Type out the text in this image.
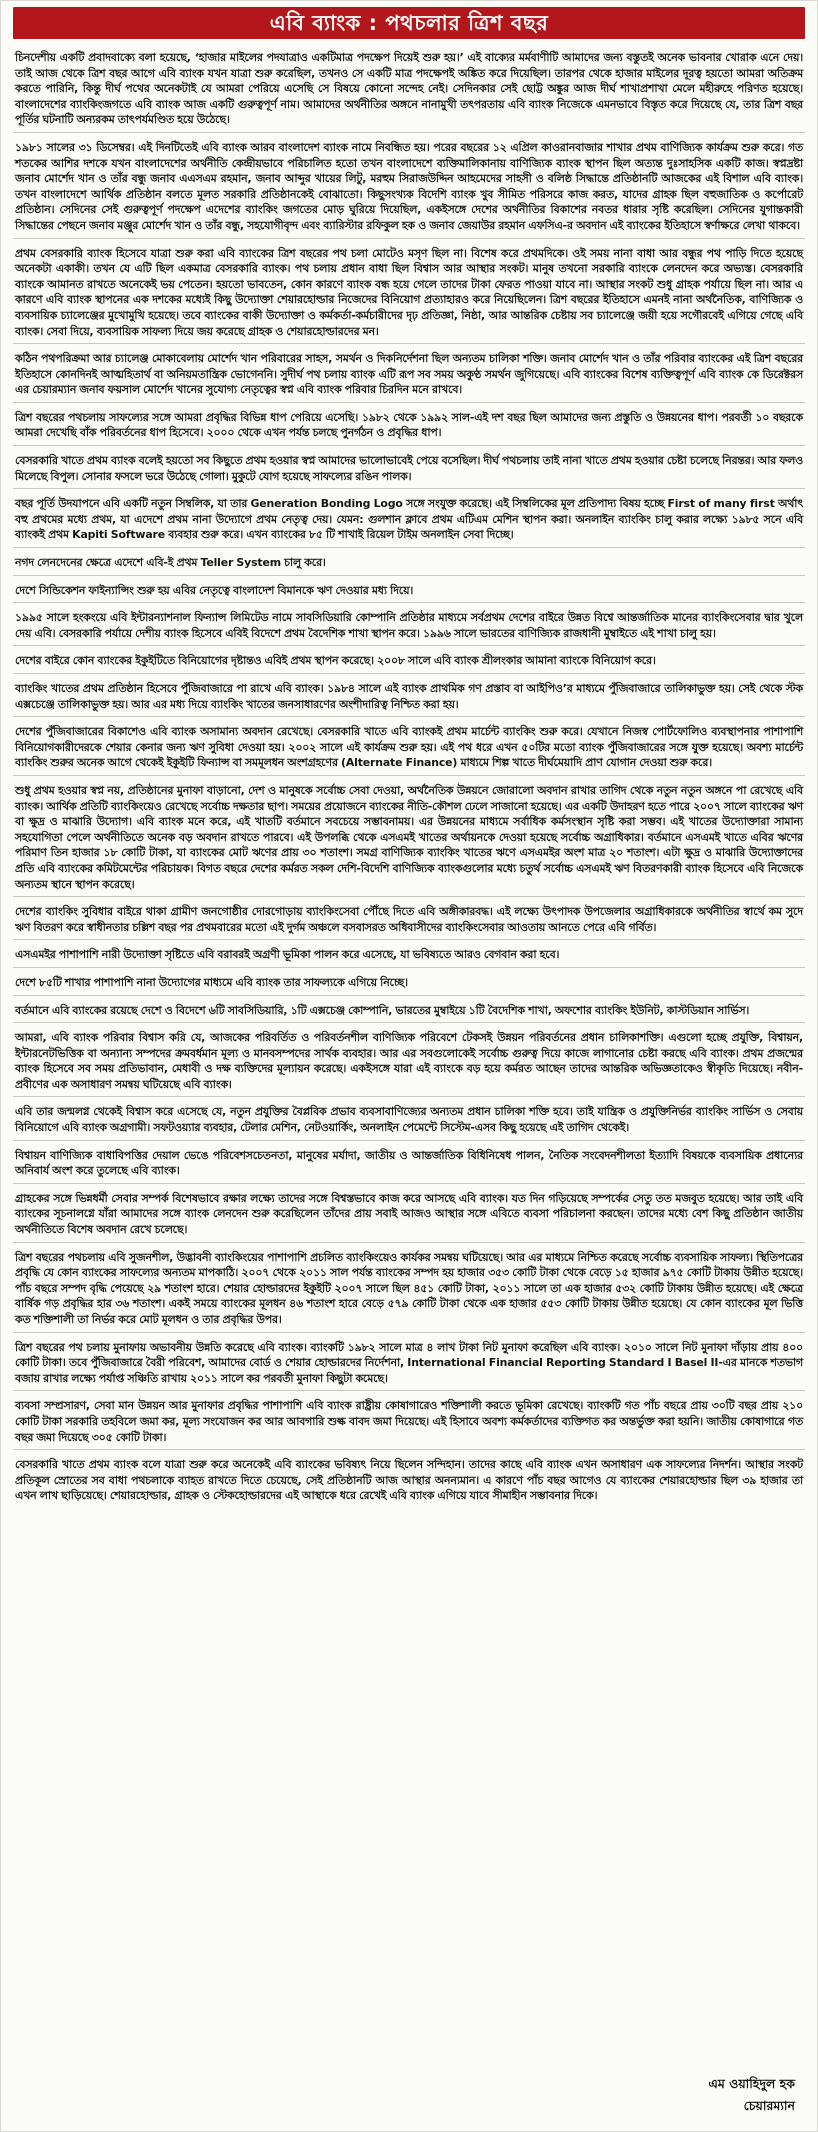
এবি ব্যাংক : পথচলার ত্রিশ বছর

চিনদেশীয় একটি প্রবাদবাক্যে বলা হয়েছে, ‘হাজার মাইলের পদযাত্রাও একটিমাত্র পদক্ষেপ দিয়েই শুরু হয়।’ এই বাক্যের মর্মবাণীটি আমাদের জন্য বস্তুতই অনেক ভাবনার খোরাক এনে দেয়। তাই আজ থেকে ত্রিশ বছর আগে এবি ব্যাংক যখন যাত্রা শুরু করেছিল, তখনও সে একটি মাত্র পদক্ষেপই অঙ্কিত করে দিয়েছিল। তারপর থেকে হাজার মাইলের দূরত্ব হয়তো আমরা অতিক্রম করতে পারিনি, কিন্তু দীর্ঘ পথের অনেকটাই যে আমরা পেরিয়ে এসেছি সে বিষয়ে কোনো সন্দেহ নেই। সেদিনকার সেই ছোট্ট অঙ্কুর আজ দীর্ঘ শাখাপ্রশাখা মেলে মহীরুহে পরিণত হয়েছে। বাংলাদেশের ব্যাংকিংজগতে এবি ব্যাংক আজ একটি গুরুত্বপূর্ণ নাম। আমাদের অর্থনীতির অঙ্গনে নানামুখী তৎপরতায় এবি ব্যাংক নিজেকে এমনভাবে বিস্তৃত করে দিয়েছে যে, তার ত্রিশ বছর পূর্তির ঘটনাটি অন্যরকম তাৎপর্যমণ্ডিত হয়ে উঠেছে।

১৯৮১ সালের ৩১ ডিসেম্বর। এই দিনটিতেই এবি ব্যাংক আরব বাংলাদেশ ব্যাংক নামে নিবন্ধিত হয়। পরের বছরের ১২ এপ্রিল কাওরানবাজার শাখার প্রথম বাণিজ্যিক কার্যক্রম শুরু করে। গত শতকের আশির দশকে যখন বাংলাদেশের অর্থনীতি কেন্দ্রীয়ভাবে পরিচালিত হতো তখন বাংলাদেশে ব্যক্তিমালিকানায় বাণিজ্যিক ব্যাংক স্থাপন ছিল অত্যন্ত দুঃসাহসিক একটি কাজ। স্বপ্নদ্রষ্টা জনাব মোর্শেদ খান ও তাঁর বন্ধু জনাব এএসএম রহমান, জনাব আব্দুর খায়ের লিটু, মরহুম সিরাজউদ্দিন আহমেদের সাহসী ও বলিষ্ঠ সিদ্ধান্তে প্রতিষ্ঠানটি আজকের এই বিশাল এবি ব্যাংক। তখন বাংলাদেশে আর্থিক প্রতিষ্ঠান বলতে মূলত সরকারি প্রতিষ্ঠানকেই বোঝাতো। কিছুসংখ্যক বিদেশি ব্যাংক খুব সীমিত পরিসরে কাজ করত, যাদের গ্রাহক ছিল বহুজাতিক ও কর্পোরেট প্রতিষ্ঠান। সেদিনের সেই গুরুত্বপূর্ণ পদক্ষেপ এদেশের ব্যাংকিং জগতের মোড় ঘুরিয়ে দিয়েছিল, একইসঙ্গে দেশের অর্থনীতির বিকাশের নবতর ধারার সৃষ্টি করেছিল। সেদিনের যুগান্তকারী সিদ্ধান্তের পেছনে জনাব মঞ্জুর মোর্শেদ খান ও তাঁর বন্ধু, সহযোগীবৃন্দ এবং ব্যারিস্টার রফিকুল হক ও জনাব জেয়াউর রহমান এফসিএ-র অবদান এই ব্যাংকের ইতিহাসে স্বর্ণাক্ষরে লেখা থাকবে।

প্রথম বেসরকারি ব্যাংক হিসেবে যাত্রা শুরু করা এবি ব্যাংকের ত্রিশ বছরের পথ চলা মোটেও মসৃণ ছিল না। বিশেষ করে প্রথমদিকে। ওই সময় নানা বাধা আর বন্ধুর পথ পাড়ি দিতে হয়েছে অনেকটা একাকী। তখন যে এটি ছিল একমাত্র বেসরকারি ব্যাংক। পথ চলায় প্রধান বাধা ছিল বিশ্বাস আর আস্থার সংকট। মানুষ তখনো সরকারি ব্যাংকে লেনদেন করে অভ্যস্ত। বেসরকারি ব্যাংকে আমানত রাখতে অনেকেই ভয় পেতেন। হয়তো ভাবতেন, কোন কারণে ব্যাংক বন্ধ হয়ে গেলে তাদের টাকা ফেরত পাওয়া যাবে না। আস্থার সংকট শুধু গ্রাহক পর্যায়ে ছিল না। আর এ কারণে এবি ব্যাংক স্থাপনের এক দশকের মধ্যেই কিছু উদ্যোক্তা শেয়ারহোল্ডার নিজেদের বিনিয়োগ প্রত্যাহারও করে নিয়েছিলেন। ত্রিশ বছরের ইতিহাসে এমনই নানা অর্থনৈতিক, বাণিজ্যিক ও ব্যবসায়িক চ্যালেঞ্জের মুখোমুখি হয়েছে। তবে ব্যাংকের বাকী উদ্যোক্তা ও কর্মকর্তা-কর্মচারীদের দৃঢ় প্রতিজ্ঞা, নিষ্ঠা, আর আন্তরিক চেষ্টায় সব চ্যালেঞ্জে জয়ী হয়ে সগৌরবেই এগিয়ে গেছে এবি ব্যাংক। সেবা দিয়ে, ব্যবসায়িক সাফল্য দিয়ে জয় করেছে গ্রাহক ও শেয়ারহোল্ডারদের মন।

কঠিন পথপরিক্রমা আর চ্যালেঞ্জ মোকাবেলায় মোর্শেদ খান পরিবারের সাহস, সমর্থন ও দিকনির্দেশনা ছিল অন্যতম চালিকা শক্তি। জনাব মোর্শেদ খান ও তাঁর পরিবার ব্যাংকের এই ত্রিশ বছরের ইতিহাসে কোনদিনই আত্মহিতার্থ বা অনিয়মতান্ত্রিক ভোগেননি। সুদীর্ঘ পথ চলায় ব্যাংক এটি রূপ সব সময় অকুণ্ঠ সমর্থন জুগিয়েছে। এবি ব্যাংকের বিশেষ ব্যক্তিত্বপূর্ণ এবি ব্যাংক কে ডিরেক্টরস এর চেয়ারম্যান জনাব ফয়সাল মোর্শেদ খানের সুযোগ্য নেতৃত্বের স্বপ্ন এবি ব্যাংক পরিবার চিরদিন মনে রাখবে।

ত্রিশ বছরের পথচলায় সাফল্যের সঙ্গে আমরা প্রবৃদ্ধির বিভিন্ন ধাপ পেরিয়ে এসেছি। ১৯৮২ থেকে ১৯৯২ সাল-এই দশ বছর ছিল আমাদের জন্য প্রস্তুতি ও উন্নয়নের ধাপ। পরবর্তী ১০ বছরকে আমরা দেখেছি বাঁক পরিবর্তনের ধাপ হিসেবে। ২০০০ থেকে এখন পর্যন্ত চলছে পুনর্গঠন ও প্রবৃদ্ধির ধাপ।

বেসরকারি খাতে প্রথম ব্যাংক বলেই হয়তো সব কিছুতে প্রথম হওয়ার স্বপ্ন আমাদের ভালোভাবেই পেয়ে বসেছিল। দীর্ঘ পথচলায় তাই নানা খাতে প্রথম হওয়ার চেষ্টা চলেছে নিরন্তর। আর ফলও মিলেছে বিপুল। সোনার ফসলে ভরে উঠেছে গোলা। মুকুটে যোগ হয়েছে সাফল্যের রঙিন পালক।

বছর পূর্তি উদযাপনে এবি একটি নতুন সিম্বলিক, যা তার Generation Bonding Logo সঙ্গে সংযুক্ত করেছে। এই সিম্বলিকের মূল প্রতিপাদ্য বিষয় হচ্ছে First of many first অর্থাৎ বহু প্রথমের মধ্যে প্রথম, যা এদেশে প্রথম নানা উদ্যোগে প্রথম নেতৃত্ব দেয়। যেমন: গুলশান ক্লাবে প্রথম এটিএম মেশিন স্থাপন করা। অনলাইন ব্যাংকিং চালু করার লক্ষ্যে ১৯৮৫ সনে এবি ব্যাংকই প্রথম Kapiti Software ব্যবহার শুরু করে। এখন ব্যাংকের ৮৫ টি শাখাই রিয়েল টাইম অনলাইন সেবা দিচ্ছে।

নগদ লেনদেনের ক্ষেত্রে এদেশে এবি-ই প্রথম Teller System চালু করে।

দেশে সিন্ডিকেশন ফাইন্যান্সিং শুরু হয় এবির নেতৃত্বে বাংলাদেশ বিমানকে ঋণ দেওয়ার মধ্য দিয়ে।

১৯৯৫ সালে হংকংয়ে এবি ইন্টারন্যাশনাল ফিন্যান্স লিমিটেড নামে সাবসিডিয়ারি কোম্পানি প্রতিষ্ঠার মাধ্যমে সর্বপ্রথম দেশের বাইরে উন্নত বিশ্বে আন্তর্জাতিক মানের ব্যাংকিংসেবার দ্বার খুলে দেয় এবি। বেসরকারি পর্যায়ে দেশীয় ব্যাংক হিসেবে এবিই বিদেশে প্রথম বৈদেশিক শাখা স্থাপন করে। ১৯৯৬ সালে ভারতের বাণিজ্যিক রাজধানী মুম্বাইতে এই শাখা চালু হয়।

দেশের বাইরে কোন ব্যাংকের ইকুইটিতে বিনিয়োগের দৃষ্টান্তও এবিই প্রথম স্থাপন করেছে। ২০০৮ সালে এবি ব্যাংক শ্রীলংকার আমানা ব্যাংকে বিনিয়োগ করে।

ব্যাংকিং খাতের প্রথম প্রতিষ্ঠান হিসেবে পুঁজিবাজারে পা রাখে এবি ব্যাংক। ১৯৮৪ সালে এই ব্যাংক প্রাথমিক গণ প্রস্তাব বা আইপিও’র মাধ্যমে পুঁজিবাজারে তালিকাভুক্ত হয়। সেই থেকে স্টক এক্সচেঞ্জে তালিকাভুক্ত হয়। আর এর মধ্য দিয়ে ব্যাংকিং খাতের জনসাধারণের অংশীদারিত্ব নিশ্চিত করা হয়।

দেশের পুঁজিবাজারের বিকাশেও এবি ব্যাংক অসামান্য অবদান রেখেছে। বেসরকারি খাতে এবি ব্যাংকই প্রথম মার্চেন্ট ব্যাংকিং শুরু করে। যেখানে নিজস্ব পোর্টফোলিও ব্যবস্থাপনার পাশাপাশি বিনিয়োগকারীদেরকে শেয়ার কেনার জন্য ঋণ সুবিধা দেওয়া হয়। ২০০২ সালে এই কার্যক্রম শুরু হয়। এই পথ ধরে এখন ৫০টির মতো ব্যাংক পুঁজিবাজারের সঙ্গে যুক্ত হয়েছে। অবশ্য মার্চেন্ট ব্যাংকিং শুরুর অনেক আগে থেকেই ইকুইটি ফিন্যান্স বা সমমূলধন অংশগ্রহণের (Alternate Finance) মাধ্যমে শিল্প খাতে দীর্ঘমেয়াদি প্রাণ যোগান দেওয়া শুরু করে।

শুধু প্রথম হওয়ার স্বপ্ন নয়, প্রতিষ্ঠানের মুনাফা বাড়ানো, দেশ ও মানুষকে সর্বোচ্চ সেবা দেওয়া, অর্থনৈতিক উন্নয়নে জোরালো অবদান রাখার তাগিদ থেকে নতুন নতুন অঙ্গনে পা রেখেছে এবি ব্যাংক। আর্থিক প্রতিটি ব্যাংকিংয়েও রেখেছে সর্বোচ্চ দক্ষতার ছাপ। সময়ের প্রয়োজনে ব্যাংকের নীতি-কৌশল ঢেলে সাজানো হয়েছে। এর একটি উদাহরণ হতে পারে ২০০৭ সালে ব্যাংকের ঋণ বা ক্ষুদ্র ও মাঝারি উদ্যোগ। এবি ব্যাংক মনে করে, এই খাতটি বর্তমানে সবচেয়ে সম্ভাবনাময়। এর উন্নয়নের মাধ্যমে সর্বাধিক কর্মসংস্থান সৃষ্টি করা সম্ভব। এই খাতের উদ্যোক্তারা সামান্য সহযোগিতা পেলে অর্থনীতিতে অনেক বড় অবদান রাখতে পারবে। এই উপলব্ধি থেকে এসএমই খাতের অর্থায়নকে দেওয়া হয়েছে সর্বোচ্চ অগ্রাধিকার। বর্তমানে এসএমই খাতে এবির ঋণের পরিমাণ তিন হাজার ১৮ কোটি টাকা, যা ব্যাংকের মোট ঋণের প্রায় ৩০ শতাংশ। সমগ্র বাণিজ্যিক ব্যাংকিং খাতের ঋণে এসএমইর অংশ মাত্র ২০ শতাংশ। এটা ক্ষুদ্র ও মাঝারি উদ্যোক্তাদের প্রতি এবি ব্যাংকের কমিটমেন্টের পরিচায়ক। বিগত বছরে দেশের কর্মরত সকল দেশি-বিদেশি বাণিজ্যিক ব্যাংকগুলোর মধ্যে চতুর্থ সর্বোচ্চ এসএমই ঋণ বিতরণকারী ব্যাংক হিসেবে এবি নিজেকে অন্যতম স্থানে স্থাপন করেছে।

দেশের ব্যাংকিং সুবিধার বাইরে থাকা গ্রামীণ জনগোষ্ঠীর দোরগোড়ায় ব্যাংকিংসেবা পৌঁছে দিতে এবি অঙ্গীকারবদ্ধ। এই লক্ষ্যে উৎপাদক উপজেলার অগ্রাধিকারকে অর্থনীতির স্বার্থে কম সুদে ঋণ বিতরণ করে স্বাধীনতার চল্লিশ বছর পর প্রথমবারের মতো এই দুর্গম অঞ্চলে বসবাসরত অধিবাসীদের ব্যাংকিংসেবার আওতায় আনতে পেরে এবি গর্বিত।

এসএমইর পাশাপাশি নারী উদ্যোক্তা সৃষ্টিতে এবি বরাবরই অগ্রণী ভূমিকা পালন করে এসেছে, যা ভবিষ্যতে আরও বেগবান করা হবে।

দেশে ৮৫টি শাখার পাশাপাশি নানা উদ্যোগের মাধ্যমে এবি ব্যাংক তার সাফল্যকে এগিয়ে নিচ্ছে।

বর্তমানে এবি ব্যাংকের রয়েছে দেশে ও বিদেশে ৬টি সাবসিডিয়ারি, ১টি এক্সচেঞ্জ কোম্পানি, ভারতের মুম্বাইয়ে ১টি বৈদেশিক শাখা, অফশোর ব্যাংকিং ইউনিট, কাস্টডিয়ান সার্ভিস।

আমরা, এবি ব্যাংক পরিবার বিশ্বাস করি যে, আজকের পরিবর্তিত ও পরিবর্তনশীল বাণিজ্যিক পরিবেশে টেকসই উন্নয়ন পরিবর্তনের প্রধান চালিকাশক্তি। এগুলো হচ্ছে প্রযুক্তি, বিশ্বায়ন, ইন্টারনেটভিত্তিক বা অন্যান্য সম্পদের ক্রমবর্ধমান মূল্য ও মানবসম্পদের সার্থক ব্যবহার। আর এর সবগুলোকেই সর্বোচ্চ গুরুত্ব দিয়ে কাজে লাগানোর চেষ্টা করছে এবি ব্যাংক। প্রথম প্রজন্মের ব্যাংক হিসেবে সব সময় প্রতিভাবান, মেধাবী ও দক্ষ ব্যক্তিদের মূল্যায়ন করেছে। একইসঙ্গে যারা এই ব্যাংকে বড় হয়ে কর্মরত আছেন তাদের আন্তরিক অভিজ্ঞতাকেও স্বীকৃতি দিয়েছে। নবীন-প্রবীণের এক অসাধারণ সমন্বয় ঘটিয়েছে এবি ব্যাংক।

এবি তার জন্মলগ্ন থেকেই বিশ্বাস করে এসেছে যে, নতুন প্রযুক্তির বৈপ্লবিক প্রভাব ব্যবসাবাণিজ্যের অন্যতম প্রধান চালিকা শক্তি হবে। তাই যান্ত্রিক ও প্রযুক্তিনির্ভর ব্যাংকিং সার্ভিস ও সেবায় বিনিয়োগে এবি ব্যাংক অগ্রগামী। সফটওয়্যার ব্যবহার, টেলার মেশিন, নেটওয়ার্কিং, অনলাইন পেমেন্টে সিস্টেম-এসব কিছু হয়েছে এই তাগিদ থেকেই।

বিশ্বায়ন বাণিজ্যিক বাধাবিপত্তির দেয়াল ভেঙে পরিবেশসচেতনতা, মানুষের মর্যাদা, জাতীয় ও আন্তর্জাতিক বিধিনিষেধ পালন, নৈতিক সংবেদনশীলতা ইত্যাদি বিষয়কে ব্যবসায়িক প্রধান্যের অনিবার্য অংশ করে তুলেছে এবি ব্যাংক।

গ্রাহকের সঙ্গে ভিন্নধর্মী সেবার সম্পর্ক বিশেষভাবে রক্ষার লক্ষ্যে তাদের সঙ্গে বিশ্বস্তভাবে কাজ করে আসছে এবি ব্যাংক। যত দিন গড়িয়েছে সম্পর্কের সেতু তত মজবুত হয়েছে। আর তাই এবি ব্যাংকের সূচনালগ্নে যাঁরা আমাদের সঙ্গে ব্যাংক লেনদেন শুরু করেছিলেন তাঁদের প্রায় সবাই আজও আস্থার সঙ্গে এবিতে ব্যবসা পরিচালনা করছেন। তাদের মধ্যে বেশ কিছু প্রতিষ্ঠান জাতীয় অর্থনীতিতে বিশেষ অবদান রেখে চলেছে।

ত্রিশ বছরের পথচলায় এবি সুজনশীল, উদ্ভাবনী ব্যাংকিংয়ের পাশাপাশি প্রচলিত ব্যাংকিংয়েও কার্যকর সমন্বয় ঘটিয়েছে। আর এর মাধ্যমে নিশ্চিত করেছে সর্বোচ্চ ব্যবসায়িক সাফল্য। স্থিতিপত্রের প্রবৃদ্ধি যে কোন ব্যাংকের সাফল্যের অন্যতম মাপকাঠি। ২০০৭ থেকে ২০১১ সাল পর্যন্ত ব্যাংকের সম্পদ হয় হাজার ৩৫৩ কোটি টাকা থেকে বেড়ে ১৫ হাজার ৯৭৫ কোটি টাকায় উন্নীত হয়েছে। পাঁচ বছরে সম্পদ বৃদ্ধি পেয়েছে ২৯ শতাংশ হারে। শেয়ার হোল্ডারদের ইকুইটি ২০০৭ সালে ছিল ৪৫১ কোটি টাকা, ২০১১ সালে তা এক হাজার ৫৩২ কোটি টাকায় উন্নীত হয়েছে। এই ক্ষেত্রে বার্ষিক গড় প্রবৃদ্ধির হার ৩৬ শতাংশ। একই সময়ে ব্যাংকের মূলধন ৪৬ শতাংশ হারে বেড়ে ৫৭৯ কোটি টাকা থেকে এক হাজার ৫৫৩ কোটি টাকায় উন্নীত হয়েছে। যে কোন ব্যাংকের মূল ভিত্তি কত শক্তিশালী তা নির্ভর করে মোট মূলধন ও তার প্রবৃদ্ধির উপর।

ত্রিশ বছরের পথ চলায় মুনাফায় অভাবনীয় উন্নতি করেছে এবি ব্যাংক। ব্যাংকটি ১৯৮২ সালে মাত্র ৪ লাখ টাকা নিট মুনাফা করেছিল এবি ব্যাংক। ২০১০ সালে নিট মুনাফা দাঁড়ায় প্রায় ৪০০ কোটি টাকা। তবে পুঁজিবাজারে বৈরী পরিবেশ, আমাদের বোর্ড ও শেয়ার হোল্ডারদের নির্দেশনা, International Financial Reporting Standard I Basel II-এর মানকে শতভাগ বজায় রাখার লক্ষ্যে পর্যাপ্ত সঞ্চিতি রাখায় ২০১১ সালে কর পরবর্তী মুনাফা কিছুটা কমেছে।

ব্যবসা সম্প্রসারণ, সেবা মান উন্নয়ন আর মুনাফার প্রবৃদ্ধির পাশাপাশি এবি ব্যাংক রাষ্ট্রীয় কোষাগারেও শক্তিশালী করতে ভূমিকা রেখেছে। ব্যাংকটি গত পাঁচ বছরে প্রায় ৩০টি বছর প্রায় ২১০ কোটি টাকা সরকারি তহবিলে জমা কর, মূল্য সংযোজন কর আর আবগারি শুল্ক বাবদ জমা দিয়েছে। এই হিসাবে অবশ্য কর্মকর্তাদের ব্যক্তিগত কর অন্তর্ভুক্ত করা হয়নি। জাতীয় কোষাগারে গত বছর জমা দিয়েছে ৩০৫ কোটি টাকা।

বেসরকারি খাতে প্রথম ব্যাংক বলে যাত্রা শুরু করে অনেকেই এবি ব্যাংকের ভবিষ্যৎ নিয়ে ছিলেন সন্দিহান। তাদের কাছে এবি ব্যাংক এখন অসাধারণ এক সাফল্যের নিদর্শন। আস্থার সংকট প্রতিকূল স্রোতের সব বাধা পথচলাকে ব্যাহত রাখতে দিতে চেয়েছে, সেই প্রতিষ্ঠানটি আজ আস্থার অনন্যমান। এ কারণে পাঁচ বছর আগেও যে ব্যাংকের শেয়ারহোল্ডার ছিল ৩৯ হাজার তা এখন লাখ ছাড়িয়েছে। শেয়ারহোল্ডার, গ্রাহক ও স্টেকহোল্ডারদের এই আস্থাকে ধরে রেখেই এবি ব্যাংক এগিয়ে যাবে সীমাহীন সম্ভাবনার দিকে।

এম ওয়াহিদুল হক
চেয়ারম্যান
